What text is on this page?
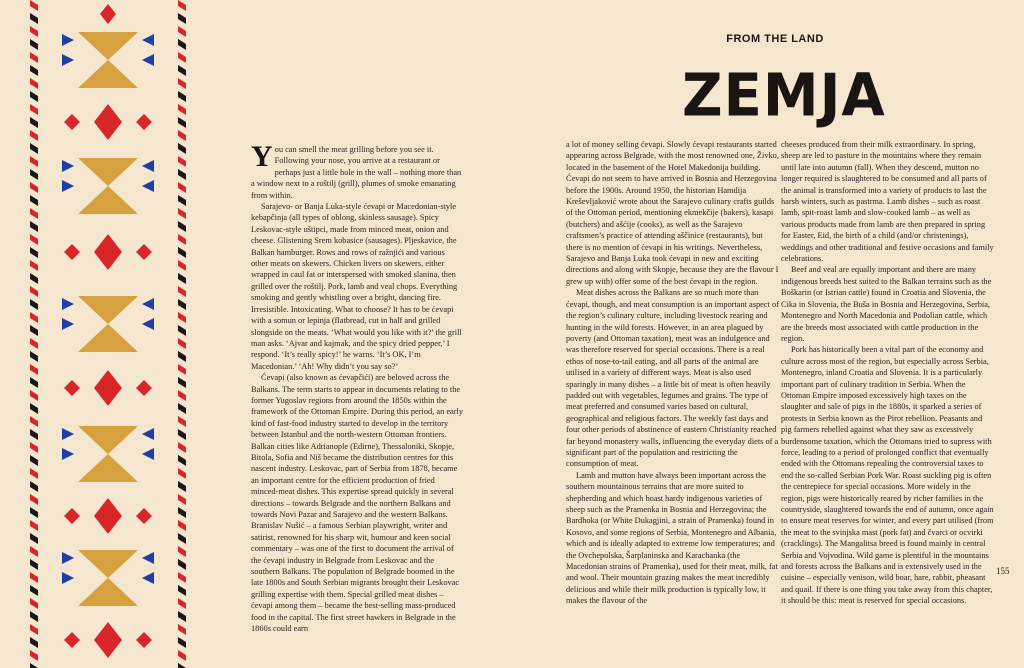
FROM THE LAND
ZEMJA

You can smell the meat grilling before you see it. Following your nose, you arrive at a restaurant or perhaps just a little hole in the wall – nothing more than a window next to a roštilj (grill), plumes of smoke emanating from within.

Sarajevo- or Banja Luka-style ćevapi or Macedonian-style kebapčinja (all types of oblong, skinless sausage). Spicy Leskovac-style uštipci, made from minced meat, onion and cheese. Glistening Srem kobasice (sausages). Pljeskavice, the Balkan hamburger. Rows and rows of ražnjići and various other meats on skewers. Chicken livers on skewers, either wrapped in caul fat or interspersed with smoked slanina, then grilled over the roštilj. Pork, lamb and veal chops. Everything smoking and gently whistling over a bright, dancing fire. Irresistible. Intoxicating. What to choose? It has to be ćevapi with a somun or lepinja (flatbread, cut in half and grilled slongside on the meats. ‘What would you like with it?’ the grill man asks. ‘Ajvar and kajmak, and the spicy dried pepper,’ I respond. ‘It’s really spicy!’ he warns. ‘It’s OK, I’m Macedonian.’ ‘Ah! Why didn’t you say so?’

Ćevapi (also known as ćevapčići) are beloved across the Balkans. The term starts to appear in documents relating to the former Yugoslav regions from around the 1850s within the framework of the Ottoman Empire. During this period, an early kind of fast-food industry started to develop in the territory between Istanbul and the north-western Ottoman frontiers. Balkan cities like Adrianople (Edirne), Thessaloniki, Skopje, Bitola, Sofia and Niš became the distribution centres for this nascent industry. Leskovac, part of Serbia from 1878, became an important centre for the efficient production of fried minced-meat dishes. This expertise spread quickly in several directions – towards Belgrade and the northern Balkans and towards Novi Pazar and Sarajevo and the western Balkans. Branislav Nušić – a famous Serbian playwright, writer and satirist, renowned for his sharp wit, humour and keen social commentary – was one of the first to document the arrival of the ćevapi industry in Belgrade from Leskovac and the southern Balkans. The population of Belgrade boomed in the late 1800s and South Serbian migrants brought their Leskovac grilling expertise with them. Special grilled meat dishes – ćevapi among them – became the best-selling mass-produced food in the capital. The first street hawkers in Belgrade in the 1860s could earn

a lot of money selling ćevapi. Slowly ćevapi restaurants started appearing across Belgrade, with the most renowned one, Živko, located in the basement of the Hotel Makedonija building. Ćevapi do not seem to have arrived in Bosnia and Herzegovina before the 1900s. Around 1950, the historian Hamdija Kreševljaković wrote about the Sarajevo culinary crafts guilds of the Ottoman period, mentioning ekmekčije (bakers), kasapi (butchers) and ašćije (cooks), as well as the Sarajevo craftsmen’s practice of attending aščinice (restaurants), but there is no mention of ćevapi in his writings. Nevertheless, Sarajevo and Banja Luka took ćevapi in new and exciting directions and along with Skopje, because they are the flavour I grew up with) offer some of the best ćevapi in the region.

Meat dishes across the Balkans are so much more than ćevapi, though, and meat consumption is an important aspect of the region’s culinary culture, including livestock rearing and hunting in the wild forests. However, in an area plagued by poverty (and Ottoman taxation), meat was an indulgence and was therefore reserved for special occasions. There is a real ethos of nose-to-tail eating, and all parts of the animal are utilised in a variety of different ways. Meat is also used sparingly in many dishes – a little bit of meat is often heavily padded out with vegetables, legumes and grains. The type of meat preferred and consumed varies based on cultural, geographical and religious factors. The weekly fast days and four other periods of abstinence of eastern Christianity reached far beyond monastery walls, influencing the everyday diets of a significant part of the population and restricting the consumption of meat.

Lamb and mutton have always been important across the southern mountainous terrains that are more suited to shepherding and which boast hardy indigenous varieties of sheep such as the Pramenka in Bosnia and Herzegovina; the Bardhoka (or White Dukagjini, a strain of Pramenka) found in Kosovo, and some regions of Serbia, Montenegro and Albania, which and is ideally adapted to extreme low temperatures; and the Ovchepolska, Šarplaninska and Karachanka (the Macedonian strains of Pramenka), used for their meat, milk, fat and wool. Their mountain grazing makes the meat incredibly delicious and while their milk production is typically low, it makes the flavour of the

cheeses produced from their milk extraordinary. In spring, sheep are led to pasture in the mountains where they remain until late into autumn (fall). When they descend, mutton no longer required is slaughtered to be consumed and all parts of the animal is transformed into a variety of products to last the harsh winters, such as pastrma. Lamb dishes – such as roast lamb, spit-roast lamb and slow-cooked lamb – as well as various products made from lamb are then prepared in spring for Easter, Eid, the birth of a child (and/or christenings), weddings and other traditional and festive occasions and family celebrations.

Beef and veal are equally important and there are many indigenous breeds best suited to the Balkan terrains such as the Boškarin (or Istrian cattle) found in Croatia and Slovenia, the Cika in Slovenia, the Buša in Bosnia and Herzegovina, Serbia, Montenegro and North Macedonia and Podolian cattle, which are the breeds most associated with cattle production in the region.

Pork has historically been a vital part of the economy and culture across most of the region, but especially across Serbia, Montenegro, inland Croatia and Slovenia. It is a particularly important part of culinary tradition in Serbia. When the Ottoman Empire imposed excessively high taxes on the slaughter and sale of pigs in the 1880s, it sparked a series of protests in Serbia known as the Pirot rebellion. Peasants and pig farmers rebelled against what they saw as excessively burdensome taxation, which the Ottomans tried to supress with force, leading to a period of prolonged conflict that eventually ended with the Ottomans repealing the controversial taxes to end the so-called Serbian Pork War. Roast suckling pig is often the centrepiece for special occasions. More widely in the region, pigs were historically reared by richer families in the countryside, slaughtered towards the end of autumn, once again to ensure meat reserves for winter, and every part utilised (from the meat to the svinjska mast (pork fat) and čvarci or ocvirki (cracklings). The Mangalitsa breed is found mainly in central Serbia and Vojvodina. Wild game is plentiful in the mountains and forests across the Balkans and is extensively used in the cuisine – especially venison, wild boar, hare, rabbit, pheasant and quail. If there is one thing you take away from this chapter, it should be this: meat is reserved for special occasions.

155
